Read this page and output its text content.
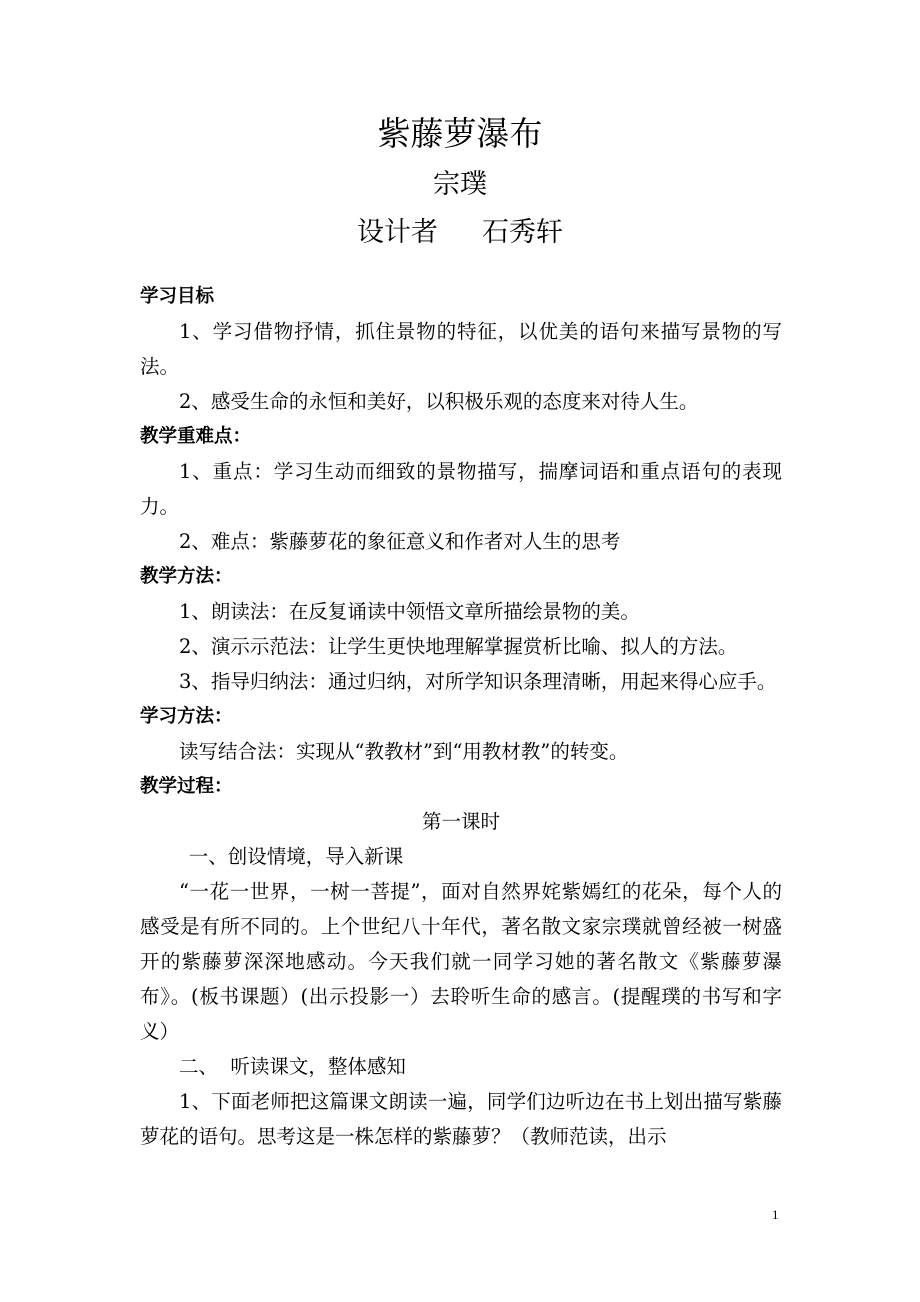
紫藤萝瀑布
宗璞
设计者 石秀轩

学习目标

1、学习借物抒情，抓住景物的特征，以优美的语句来描写景物的写法。

2、感受生命的永恒和美好，以积极乐观的态度来对待人生。

教学重难点：

1、重点：学习生动而细致的景物描写，揣摩词语和重点语句的表现力。

2、难点：紫藤萝花的象征意义和作者对人生的思考

教学方法：

1、朗读法：在反复诵读中领悟文章所描绘景物的美。

2、演示示范法：让学生更快地理解掌握赏析比喻、拟人的方法。

3、指导归纳法：通过归纳，对所学知识条理清晰，用起来得心应手。

学习方法：

读写结合法：实现从“教教材”到“用教材教”的转变。

教学过程：

第一课时

一、创设情境，导入新课

“一花一世界，一树一菩提”，面对自然界姹紫嫣红的花朵，每个人的感受是有所不同的。上个世纪八十年代，著名散文家宗璞就曾经被一树盛开的紫藤萝深深地感动。今天我们就一同学习她的著名散文《紫藤萝瀑布》。(板书课题）(出示投影一）去聆听生命的感言。(提醒璞的书写和字义）

二、  听读课文，整体感知

1、下面老师把这篇课文朗读一遍，同学们边听边在书上划出描写紫藤萝花的语句。思考这是一株怎样的紫藤萝？（教师范读，出示

1
